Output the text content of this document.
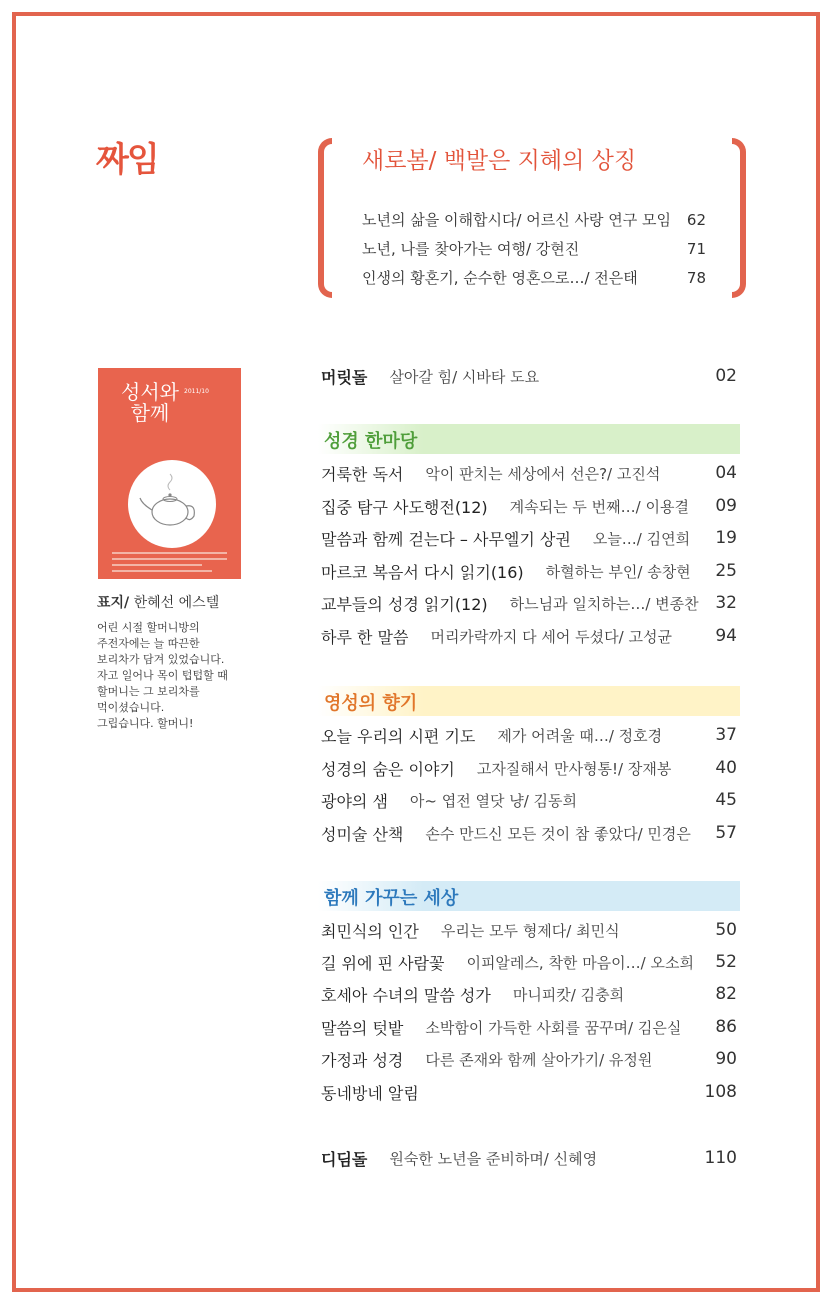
짜임	새로봄/ 백발은 지혜의 상징
노년의 삶을 이해합시다/ 어르신 사랑 연구 모임 62
노년, 나를 찾아가는 여행/ 강현진	71
인생의 황혼기, 순수한 영혼으로…/ 전은태	78
성서와
함께
2011/10
표지/ 한혜선 에스텔
어린 시절 할머니방의
주전자에는 늘 따끈한
보리차가 담겨 있었습니다.
자고 일어나 목이 텁텁할 때
할머니는 그 보리차를
먹이셨습니다.
그립습니다. 할머니!
머릿돌 살아갈 힘/ 시바타 도요	02
성경 한마당
거룩한 독서 악이 판치는 세상에서 선은?/ 고진석	04
집중 탐구 사도행전(12) 계속되는 두 번째…/ 이용결 09
말씀과 함께 걷는다 – 사무엘기 상권 오늘…/ 김연희 19
마르코 복음서 다시 읽기(16) 하혈하는 부인/ 송창현 25
교부들의 성경 읽기(12) 하느님과 일치하는…/ 변종찬 32
하루 한 말씀 머리카락까지 다 세어 두셨다/ 고성균	94
영성의 향기
오늘 우리의 시편 기도 제가 어려울 때…/ 정호경	37
성경의 숨은 이야기 고자질해서 만사형통!/ 장재봉	40
광야의 샘 아~ 엽전 열닷 냥/ 김동희	45
성미술 산책 손수 만드신 모든 것이 참 좋았다/ 민경은 57
함께 가꾸는 세상
최민식의 인간 우리는 모두 형제다/ 최민식	50
길 위에 핀 사람꽃 이피알레스, 착한 마음이…/ 오소희 52
호세아 수녀의 말씀 성가 마니피캇/ 김충희	82
말씀의 텃밭 소박함이 가득한 사회를 꿈꾸며/ 김은실 86
가정과 성경 다른 존재와 함께 살아가기/ 유정원	90
동네방네 알림	108
디딤돌 원숙한 노년을 준비하며/ 신혜영	110
